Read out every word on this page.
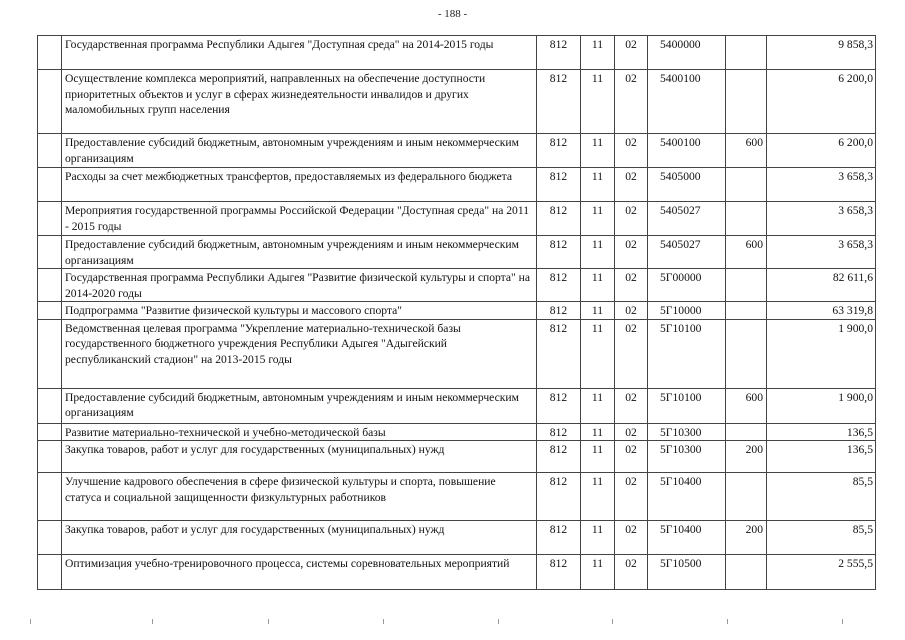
- 188 -
	Государственная программа Республики Адыгея "Доступная среда" на 2014-2015 годы	812	11	02	5400000		9 858,3
	Осуществление комплекса мероприятий, направленных на обеспечение доступности приоритетных объектов и услуг в сферах жизнедеятельности инвалидов и других маломобильных групп населения	812	11	02	5400100		6 200,0
	Предоставление субсидий бюджетным, автономным учреждениям и иным некоммерческим организациям	812	11	02	5400100	600	6 200,0
	Расходы за счет межбюджетных трансфертов, предоставляемых из федерального бюджета	812	11	02	5405000		3 658,3
	Мероприятия государственной программы Российской Федерации "Доступная среда" на 2011 - 2015 годы	812	11	02	5405027		3 658,3
	Предоставление субсидий бюджетным, автономным учреждениям и иным некоммерческим организациям	812	11	02	5405027	600	3 658,3
	Государственная программа Республики Адыгея "Развитие физической культуры и спорта" на 2014-2020 годы	812	11	02	5Г00000		82 611,6
	Подпрограмма "Развитие физической культуры и массового спорта"	812	11	02	5Г10000		63 319,8
	Ведомственная целевая программа "Укрепление материально-технической базы государственного бюджетного учреждения Республики Адыгея "Адыгейский республиканский стадион" на 2013-2015 годы	812	11	02	5Г10100		1 900,0
	Предоставление субсидий бюджетным, автономным учреждениям и иным некоммерческим организациям	812	11	02	5Г10100	600	1 900,0
	Развитие материально-технической и учебно-методической базы	812	11	02	5Г10300		136,5
	Закупка товаров, работ и услуг для государственных (муниципальных) нужд	812	11	02	5Г10300	200	136,5
	Улучшение кадрового обеспечения в сфере физической культуры и спорта, повышение статуса и социальной защищенности физкультурных работников	812	11	02	5Г10400		85,5
	Закупка товаров, работ и услуг для государственных (муниципальных) нужд	812	11	02	5Г10400	200	85,5
	Оптимизация учебно-тренировочного процесса, системы соревновательных мероприятий	812	11	02	5Г10500		2 555,5
